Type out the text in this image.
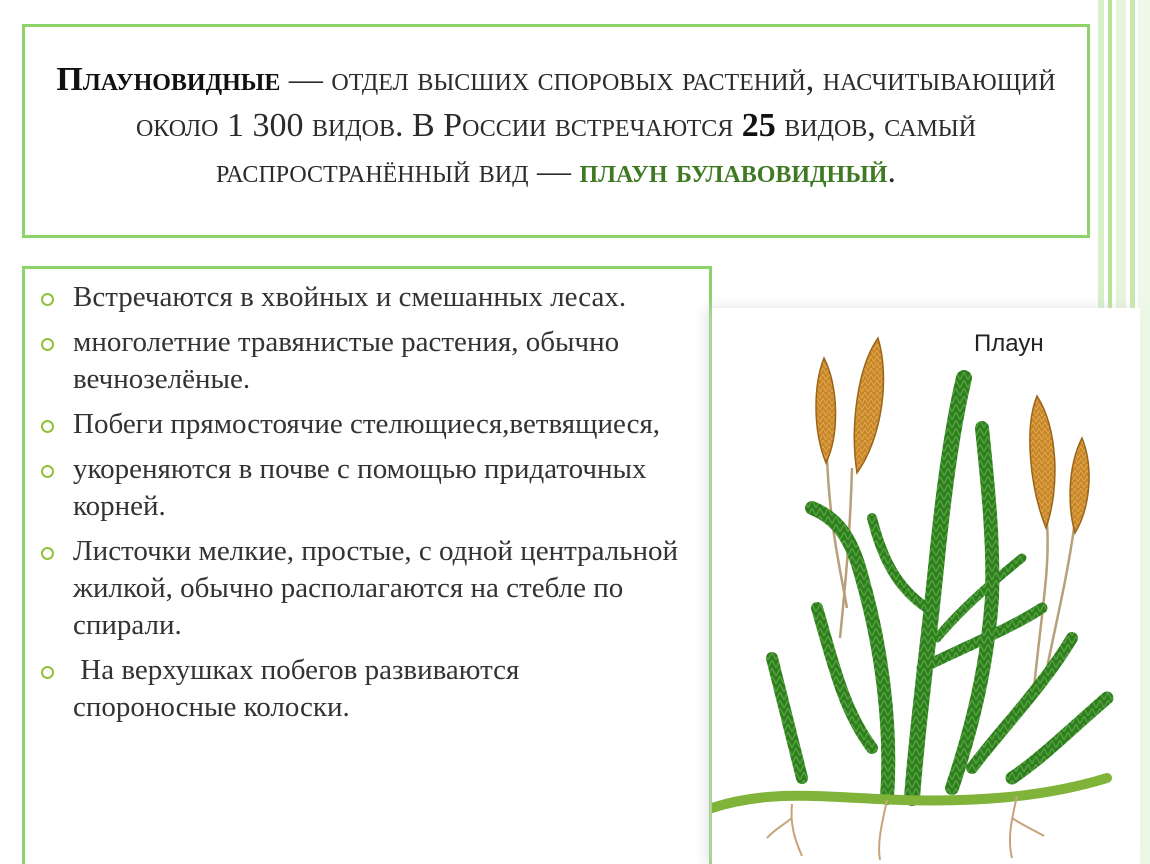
Плауновидные — отдел высших споровых растений, насчитывающий около 1 300 видов. В России встречаются 25 видов, самый распространённый вид — плаун булавовидный.
Встречаются в хвойных и смешанных лесах.
многолетние травянистые растения, обычно вечнозелёные.
Побеги прямостоячие стелющиеся,ветвящиеся,
укореняются в почве с помощью придаточных корней.
Листочки мелкие, простые, с одной центральной жилкой, обычно располагаются на стебле по спирали.
На верхушках побегов развиваются спороносные колоски.
Плаун
